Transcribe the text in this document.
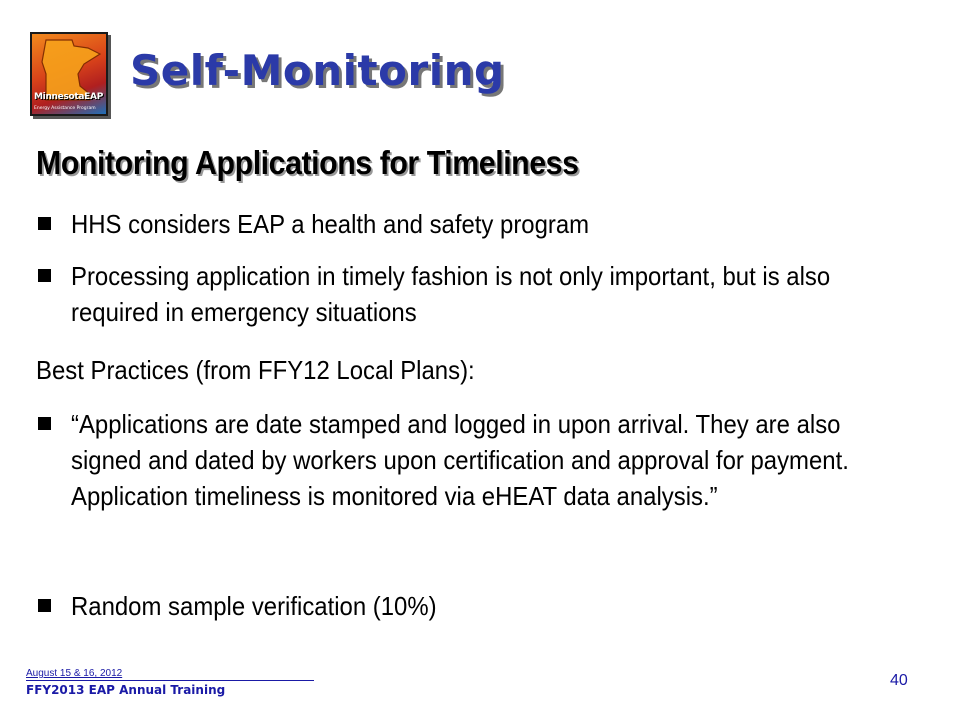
MinnesotaEAP
Energy Assistance Program
Self-Monitoring
Monitoring Applications for Timeliness
HHS considers EAP a health and safety program
Processing application in timely fashion is not only important, but is also required in emergency situations
Best Practices (from FFY12 Local Plans):
“Applications are date stamped and logged in upon arrival. They are also signed and dated by workers upon certification and approval for payment. Application timeliness is monitored via eHEAT data analysis.”
Random sample verification (10%)
August 15 & 16, 2012
FFY2013 EAP Annual Training
40
